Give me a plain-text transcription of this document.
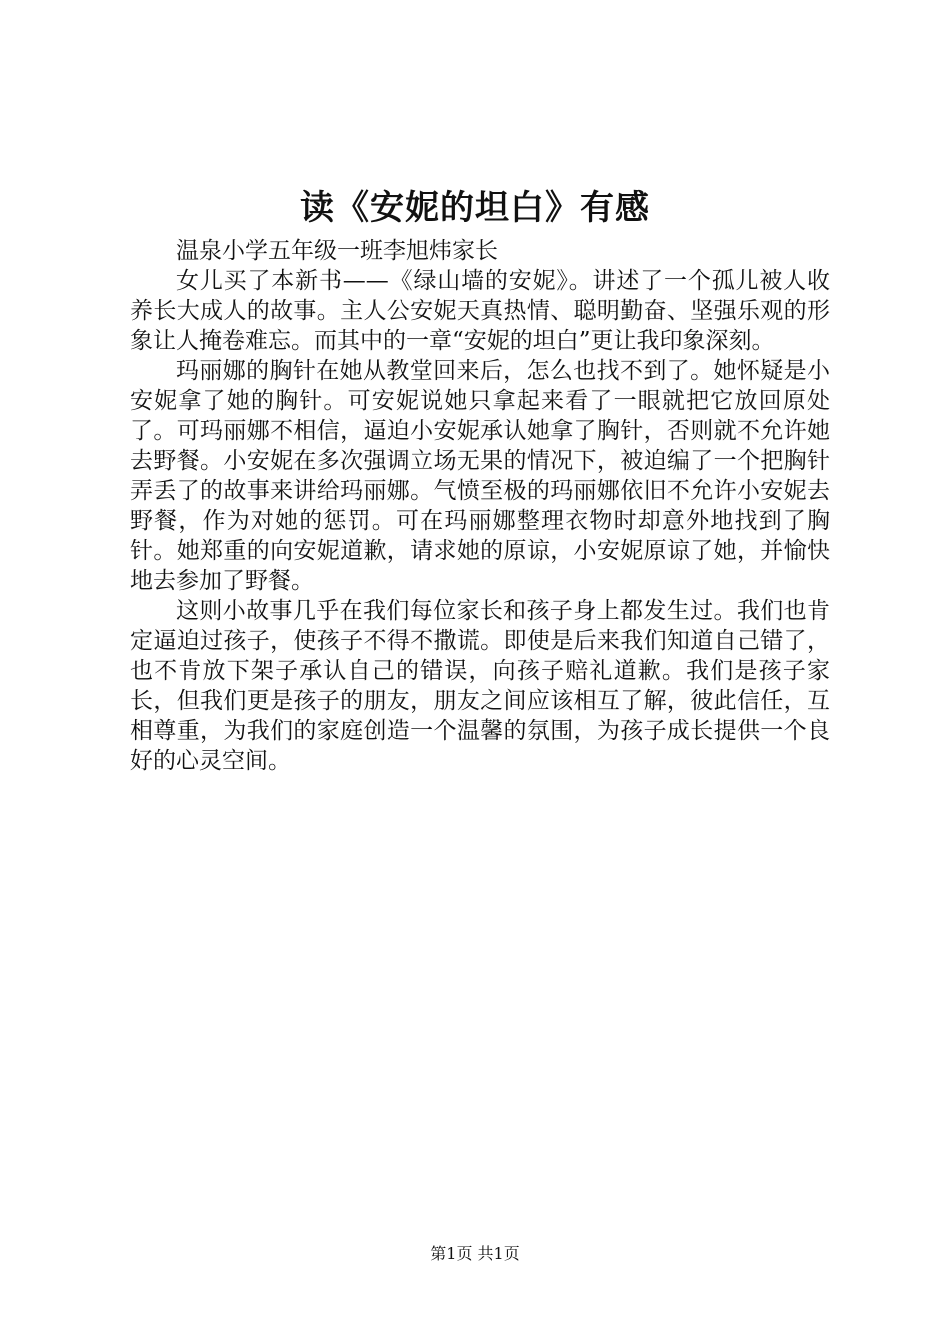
读《安妮的坦白》有感

温泉小学五年级一班李旭炜家长

女儿买了本新书——《绿山墙的安妮》。讲述了一个孤儿被人收养长大成人的故事。主人公安妮天真热情、聪明勤奋、坚强乐观的形象让人掩卷难忘。而其中的一章“安妮的坦白”更让我印象深刻。

玛丽娜的胸针在她从教堂回来后，怎么也找不到了。她怀疑是小安妮拿了她的胸针。可安妮说她只拿起来看了一眼就把它放回原处了。可玛丽娜不相信，逼迫小安妮承认她拿了胸针，否则就不允许她去野餐。小安妮在多次强调立场无果的情况下，被迫编了一个把胸针弄丢了的故事来讲给玛丽娜。气愤至极的玛丽娜依旧不允许小安妮去野餐，作为对她的惩罚。可在玛丽娜整理衣物时却意外地找到了胸针。她郑重的向安妮道歉，请求她的原谅，小安妮原谅了她，并愉快地去参加了野餐。

这则小故事几乎在我们每位家长和孩子身上都发生过。我们也肯定逼迫过孩子，使孩子不得不撒谎。即使是后来我们知道自己错了，也不肯放下架子承认自己的错误，向孩子赔礼道歉。我们是孩子家长，但我们更是孩子的朋友，朋友之间应该相互了解，彼此信任，互相尊重，为我们的家庭创造一个温馨的氛围，为孩子成长提供一个良好的心灵空间。

第1页 共1页
